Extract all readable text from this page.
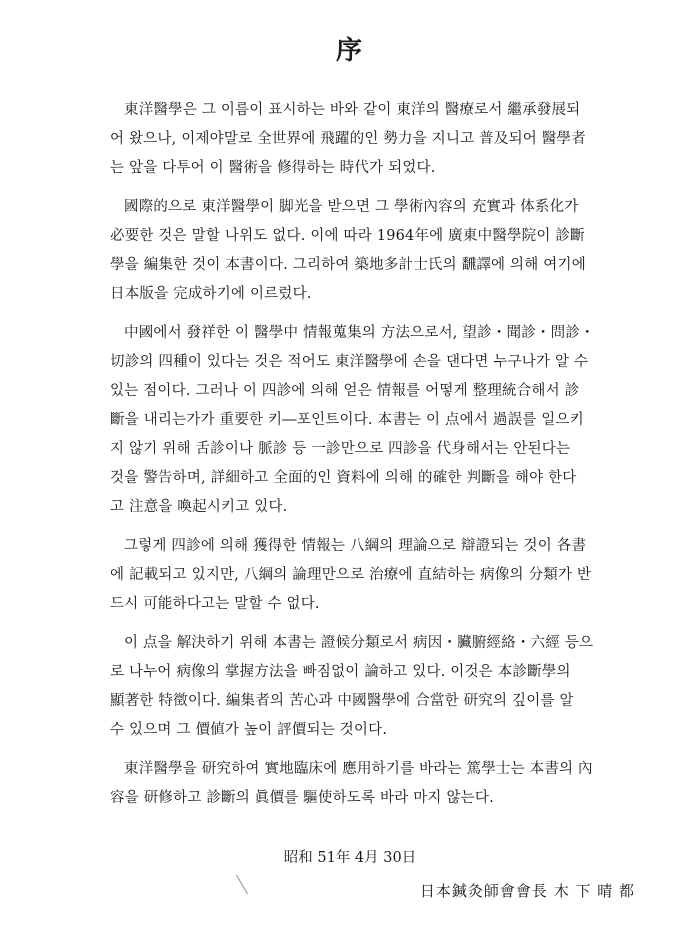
序
東洋醫學은 그 이름이 표시하는 바와 같이 東洋의 醫療로서 繼承發展되
어 왔으나, 이제야말로 全世界에 飛躍的인 勢力을 지니고 普及되어 醫學者
는 앞을 다투어 이 醫術을 修得하는 時代가 되었다.
國際的으로 東洋醫學이 脚光을 받으면 그 學術內容의 充實과 体系化가
必要한 것은 말할 나위도 없다. 이에 따라 1964年에 廣東中醫學院이 診斷
學을 編集한 것이 本書이다. 그리하여 築地多計士氏의 飜譯에 의해 여기에
日本版을 完成하기에 이르렀다.
中國에서 發祥한 이 醫學中 情報蒐集의 方法으로서, 望診・聞診・問診・
切診의 四種이 있다는 것은 적어도 東洋醫學에 손을 댄다면 누구나가 알 수
있는 점이다. 그러나 이 四診에 의해 얻은 情報를 어떻게 整理統合해서 診
斷을 내리는가가 重要한 키―포인트이다. 本書는 이 点에서 過誤를 일으키
지 않기 위해 舌診이나 脈診 등 一診만으로 四診을 代身해서는 안된다는
것을 警告하며, 詳細하고 全面的인 資料에 의해 的確한 判斷을 해야 한다
고 注意을 喚起시키고 있다.
그렇게 四診에 의해 獲得한 情報는 八綱의 理論으로 辯證되는 것이 各書
에 記載되고 있지만, 八綱의 論理만으로 治療에 直結하는 病像의 分類가 반
드시 可能하다고는 말할 수 없다.
이 点을 解決하기 위해 本書는 證候分類로서 病因・臟腑經絡・六經 등으
로 나누어 病像의 掌握方法을 빠짐없이 論하고 있다. 이것은 本診斷學의
顯著한 特徵이다. 編集者의 苦心과 中國醫學에 合當한 研究의 깊이를 알
수 있으며 그 價値가 높이 評價되는 것이다.
東洋醫學을 研究하여 實地臨床에 應用하기를 바라는 篤學士는 本書의 內
容을 研修하고 診斷의 眞價를 驅使하도록 바라 마지 않는다.
昭和 51年 4月 30日
日本鍼灸師會會長 木 下 晴 都
